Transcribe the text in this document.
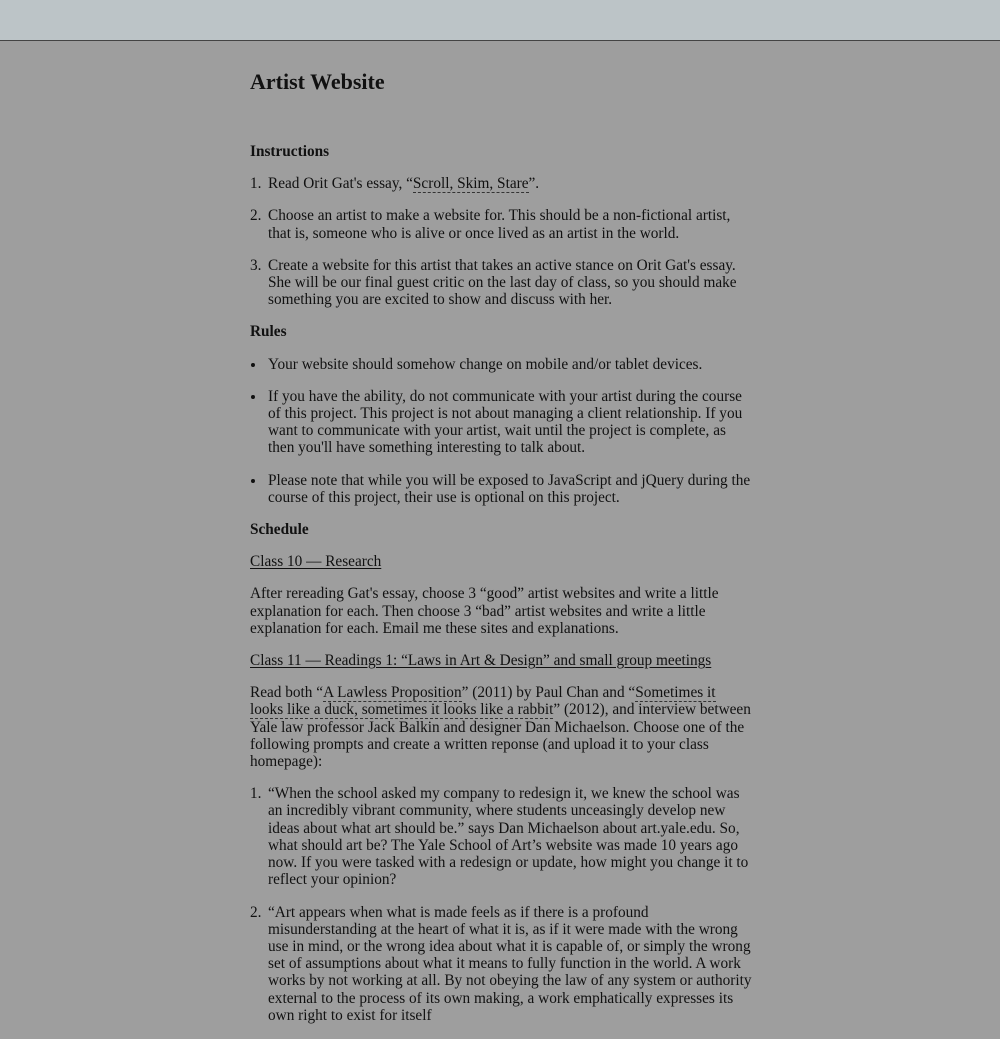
Artist Website
Instructions
1. Read Orit Gat's essay, “Scroll, Skim, Stare”.
2. Choose an artist to make a website for. This should be a non-fictional artist, that is, someone who is alive or once lived as an artist in the world.
3. Create a website for this artist that takes an active stance on Orit Gat's essay. She will be our final guest critic on the last day of class, so you should make something you are excited to show and discuss with her.
Rules
Your website should somehow change on mobile and/or tablet devices.
If you have the ability, do not communicate with your artist during the course of this project. This project is not about managing a client relationship. If you want to communicate with your artist, wait until the project is complete, as then you'll have something interesting to talk about.
Please note that while you will be exposed to JavaScript and jQuery during the course of this project, their use is optional on this project.
Schedule

Class 10 — Research

After rereading Gat's essay, choose 3 “good” artist websites and write a little explanation for each. Then choose 3 “bad” artist websites and write a little explanation for each. Email me these sites and explanations.

Class 11 — Readings 1: “Laws in Art & Design” and small group meetings

Read both “A Lawless Proposition” (2011) by Paul Chan and “Sometimes it looks like a duck, sometimes it looks like a rabbit” (2012), and interview between Yale law professor Jack Balkin and designer Dan Michaelson. Choose one of the following prompts and create a written reponse (and upload it to your class homepage):

1. “When the school asked my company to redesign it, we knew the school was an incredibly vibrant community, where students unceasingly develop new ideas about what art should be.” says Dan Michaelson about art.yale.edu. So, what should art be? The Yale School of Art’s website was made 10 years ago now. If you were tasked with a redesign or update, how might you change it to reflect your opinion?
2. “Art appears when what is made feels as if there is a profound misunderstanding at the heart of what it is, as if it were made with the wrong use in mind, or the wrong idea about what it is capable of, or simply the wrong set of assumptions about what it means to fully function in the world. A work works by not working at all. By not obeying the law of any system or authority external to the process of its own making, a work emphatically expresses its own right to exist for itself
